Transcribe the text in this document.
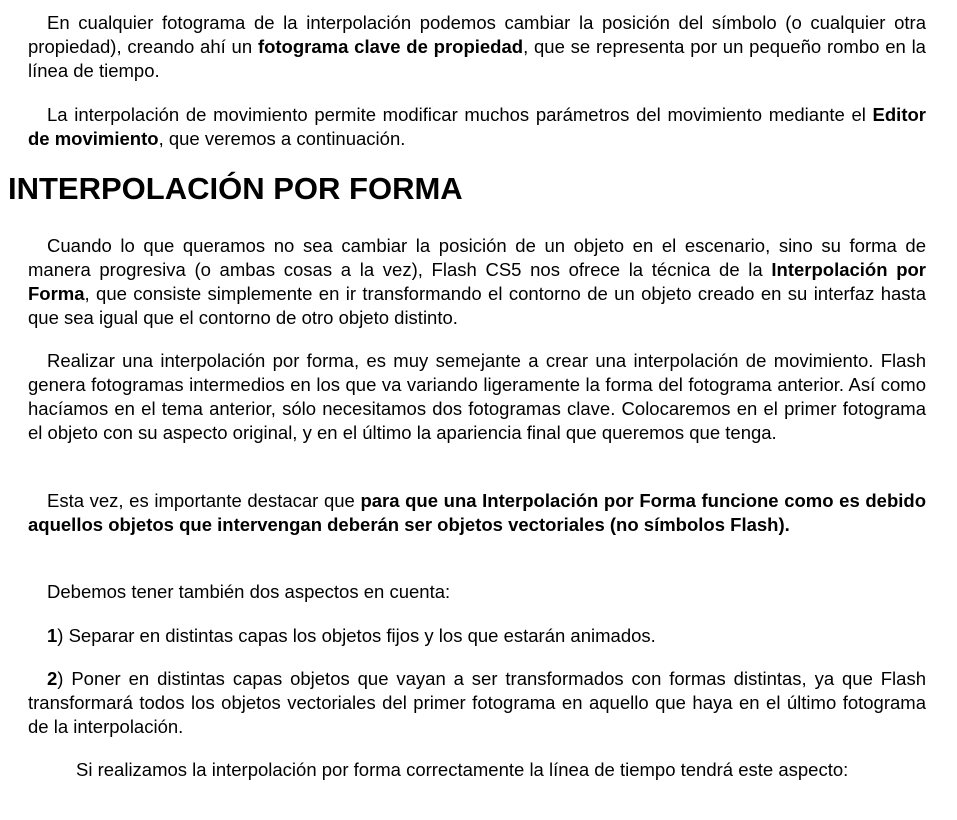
En cualquier fotograma de la interpolación podemos cambiar la posición del símbolo (o cualquier otra propiedad), creando ahí un fotograma clave de propiedad, que se representa por un pequeño rombo en la línea de tiempo.

La interpolación de movimiento permite modificar muchos parámetros del movimiento mediante el Editor de movimiento, que veremos a continuación.

INTERPOLACIÓN POR FORMA

Cuando lo que queramos no sea cambiar la posición de un objeto en el escenario, sino su forma de manera progresiva (o ambas cosas a la vez), Flash CS5 nos ofrece la técnica de la Interpolación por Forma, que consiste simplemente en ir transformando el contorno de un objeto creado en su interfaz hasta que sea igual que el contorno de otro objeto distinto.

Realizar una interpolación por forma, es muy semejante a crear una interpolación de movimiento. Flash genera fotogramas intermedios en los que va variando ligeramente la forma del fotograma anterior. Así como hacíamos en el tema anterior, sólo necesitamos dos fotogramas clave. Colocaremos en el primer fotograma el objeto con su aspecto original, y en el último la apariencia final que queremos que tenga.

Esta vez, es importante destacar que para que una Interpolación por Forma funcione como es debido aquellos objetos que intervengan deberán ser objetos vectoriales (no símbolos Flash).

Debemos tener también dos aspectos en cuenta:

1) Separar en distintas capas los objetos fijos y los que estarán animados.

2) Poner en distintas capas objetos que vayan a ser transformados con formas distintas, ya que Flash transformará todos los objetos vectoriales del primer fotograma en aquello que haya en el último fotograma de la interpolación.

Si realizamos la interpolación por forma correctamente la línea de tiempo tendrá este aspecto:
